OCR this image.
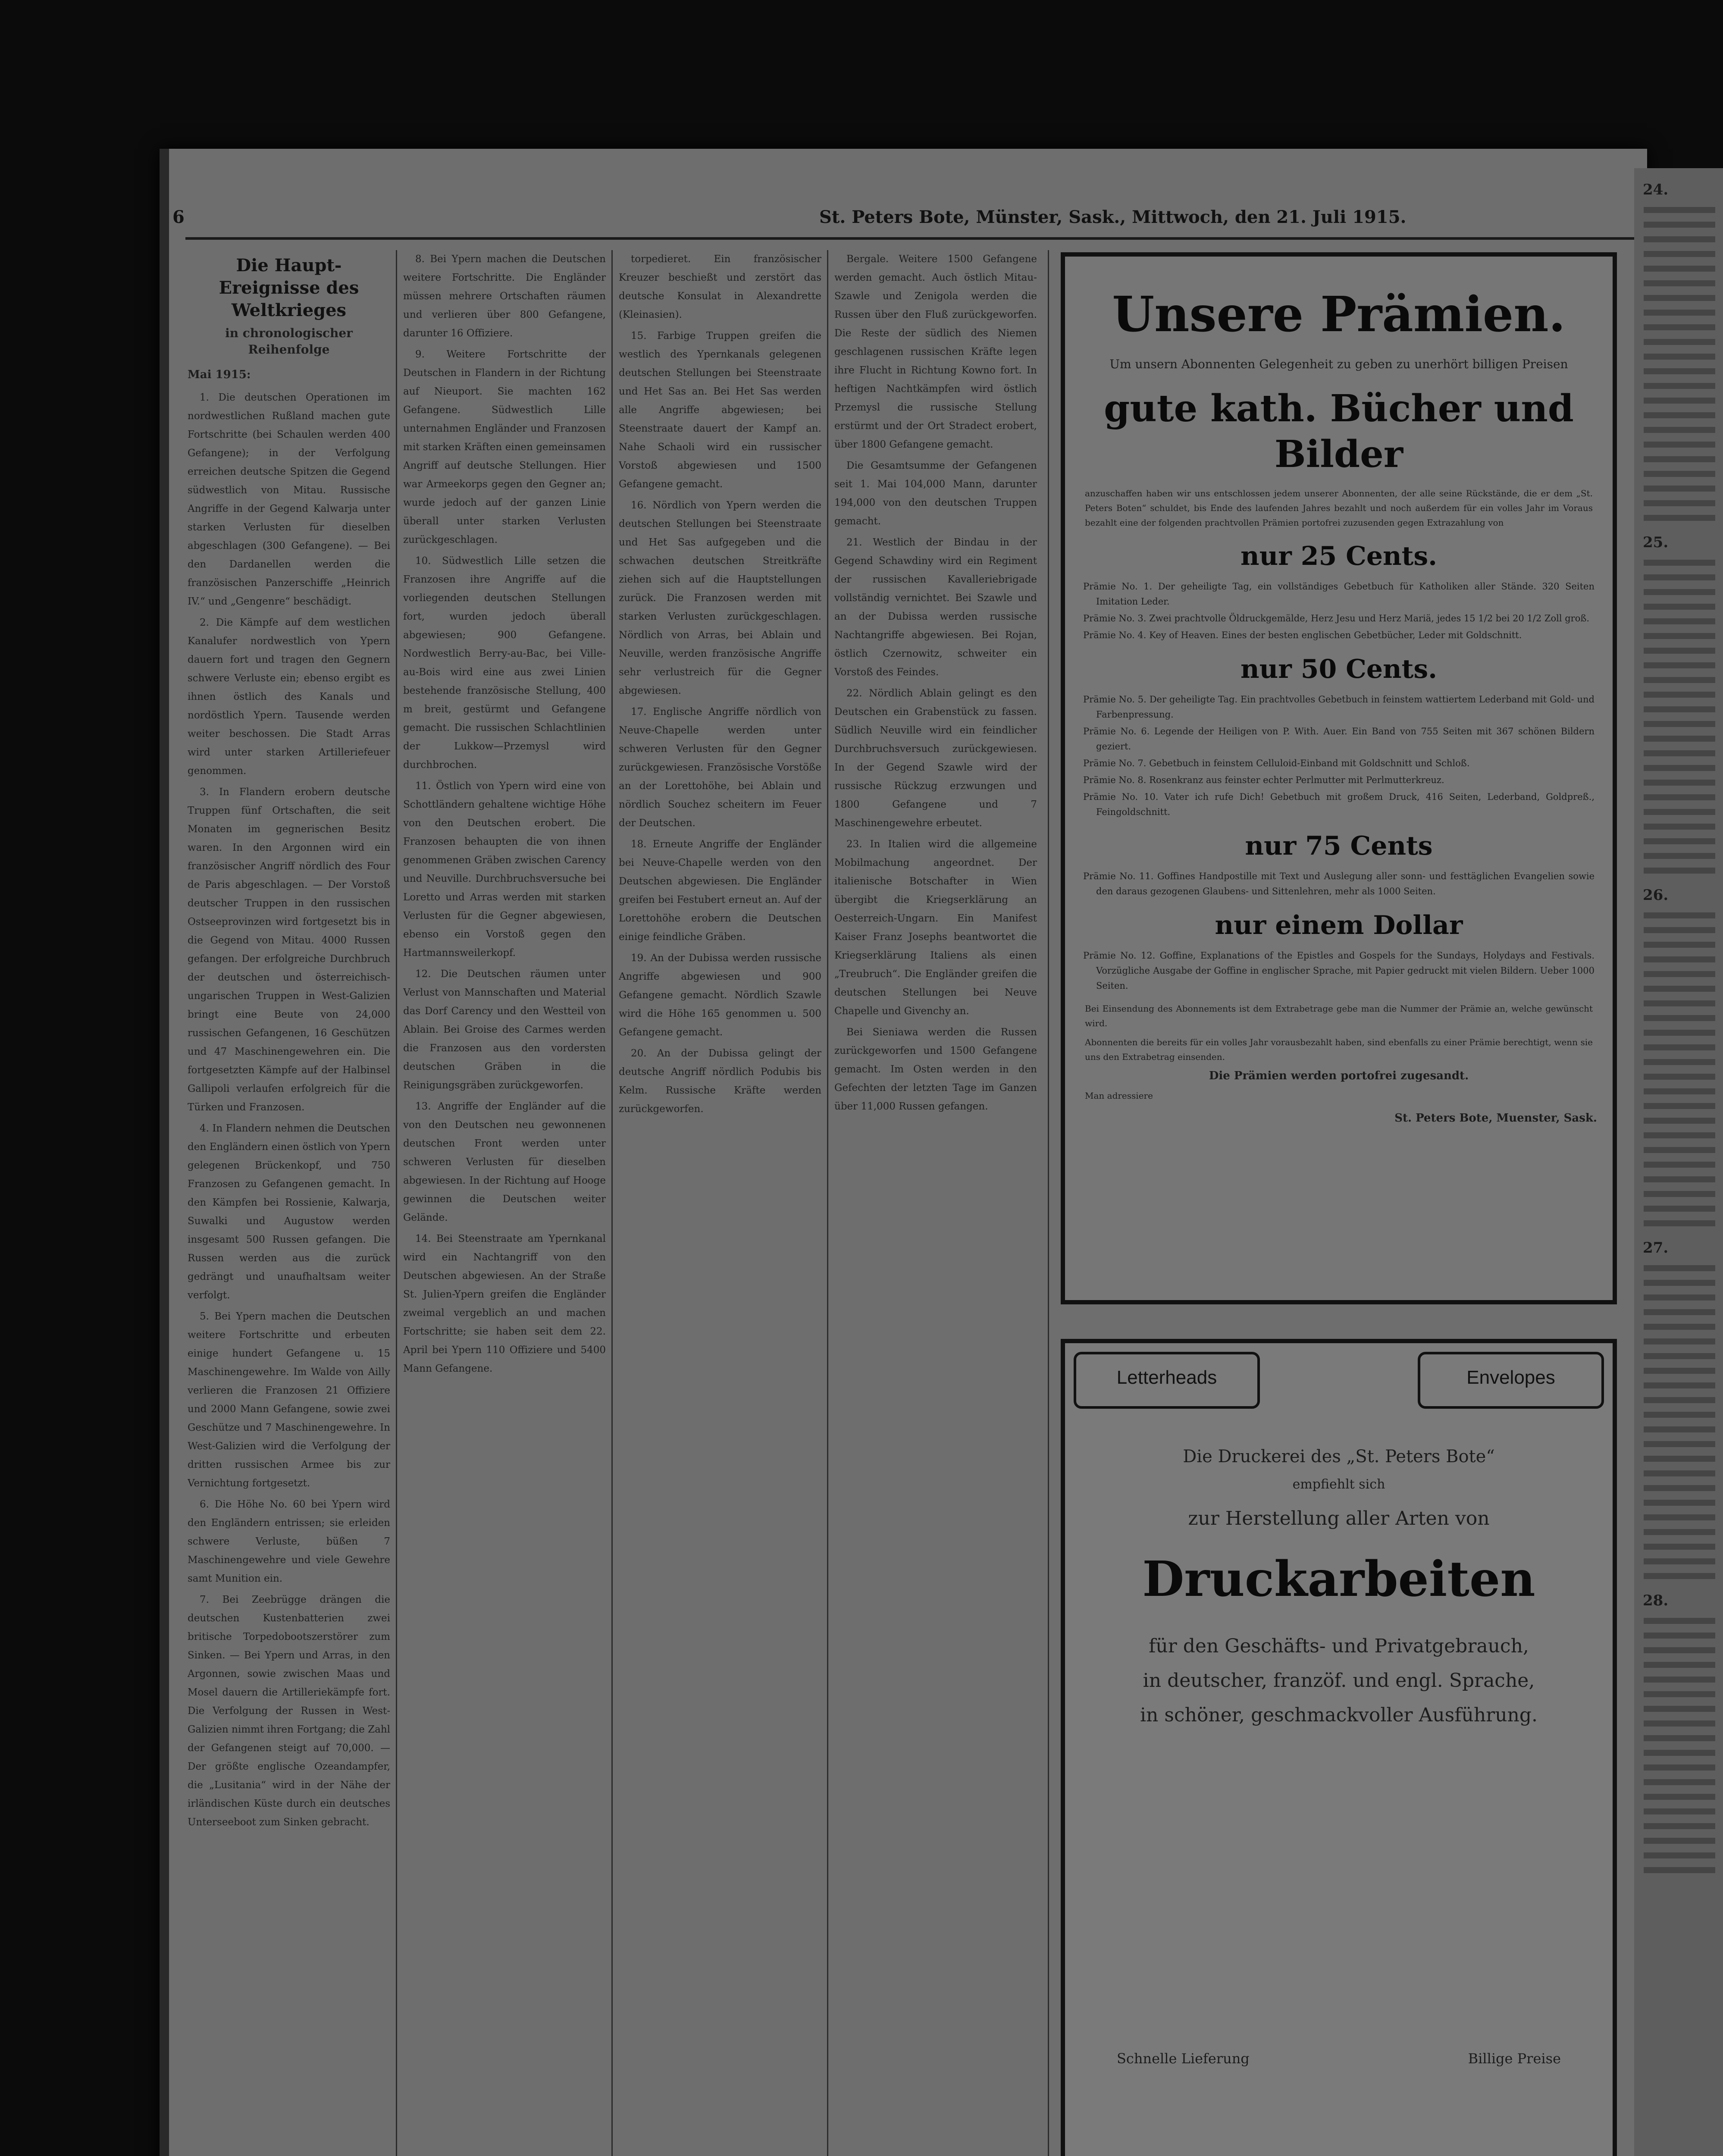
6	St. Peters Bote, Münster, Sask., Mittwoch, den 21. Juli 1915.
Die Haupt-Ereignisse des Weltkrieges
in chronologischer Reihenfolge

Mai 1915:

1. Die deutschen Operationen im nordwestlichen Rußland machen gute Fortschritte (bei Schaulen werden 400 Gefangene); in der Verfolgung erreichen deutsche Spitzen die Gegend südwestlich von Mitau. Russische Angriffe in der Gegend Kalwarja unter starken Verlusten für dieselben abgeschlagen (300 Gefangene). — Bei den Dardanellen werden die französischen Panzerschiffe „Heinrich IV.“ und „Gengenre“ beschädigt.

2. Die Kämpfe auf dem westlichen Kanalufer nordwestlich von Ypern dauern fort und tragen den Gegnern schwere Verluste ein; ebenso ergibt es ihnen östlich des Kanals und nordöstlich Ypern. Tausende werden weiter beschossen. Die Stadt Arras wird unter starken Artilleriefeuer genommen.

3. In Flandern erobern deutsche Truppen fünf Ortschaften, die seit Monaten im gegnerischen Besitz waren. In den Argonnen wird ein französischer Angriff nördlich des Four de Paris abgeschlagen. — Der Vorstoß deutscher Truppen in den russischen Ostseeprovinzen wird fortgesetzt bis in die Gegend von Mitau. 4000 Russen gefangen. Der erfolgreiche Durchbruch der deutschen und österreichisch-ungarischen Truppen in West-Galizien bringt eine Beute von 24,000 russischen Gefangenen, 16 Geschützen und 47 Maschinengewehren ein. Die fortgesetzten Kämpfe auf der Halbinsel Gallipoli verlaufen erfolgreich für die Türken und Franzosen.

4. In Flandern nehmen die Deutschen den Engländern einen östlich von Ypern gelegenen Brückenkopf, und 750 Franzosen zu Gefangenen gemacht. In den Kämpfen bei Rossienie, Kalwarja, Suwalki und Augustow werden insgesamt 500 Russen gefangen. Die Russen werden aus die zurück gedrängt und unaufhaltsam weiter verfolgt.

5. Bei Ypern machen die Deutschen weitere Fortschritte und erbeuten einige hundert Gefangene u. 15 Maschinengewehre. Im Walde von Ailly verlieren die Franzosen 21 Offiziere und 2000 Mann Gefangene, sowie zwei Geschütze und 7 Maschinengewehre. In West-Galizien wird die Verfolgung der dritten russischen Armee bis zur Vernichtung fortgesetzt.

6. Die Höhe No. 60 bei Ypern wird den Engländern entrissen; sie erleiden schwere Verluste, büßen 7 Maschinengewehre und viele Gewehre samt Munition ein.

7. Bei Zeebrügge drängen die deutschen Kustenbatterien zwei britische Torpedobootszerstörer zum Sinken. — Bei Ypern und Arras, in den Argonnen, sowie zwischen Maas und Mosel dauern die Artilleriekämpfe fort. Die Verfolgung der Russen in West-Galizien nimmt ihren Fortgang; die Zahl der Gefangenen steigt auf 70,000. — Der größte englische Ozeandampfer, die „Lusitania“ wird in der Nähe der irländischen Küste durch ein deutsches Unterseeboot zum Sinken gebracht.

8. Bei Ypern machen die Deutschen weitere Fortschritte. Die Engländer müssen mehrere Ortschaften räumen und verlieren über 800 Gefangene, darunter 16 Offiziere.

9. Weitere Fortschritte der Deutschen in Flandern in der Richtung auf Nieuport. Sie machten 162 Gefangene. Südwestlich Lille unternahmen Engländer und Franzosen mit starken Kräften einen gemeinsamen Angriff auf deutsche Stellungen. Hier war Armeekorps gegen den Gegner an; wurde jedoch auf der ganzen Linie überall unter starken Verlusten zurückgeschlagen.

10. Südwestlich Lille setzen die Franzosen ihre Angriffe auf die vorliegenden deutschen Stellungen fort, wurden jedoch überall abgewiesen; 900 Gefangene. Nordwestlich Berry-au-Bac, bei Ville-au-Bois wird eine aus zwei Linien bestehende französische Stellung, 400 m breit, gestürmt und Gefangene gemacht. Die russischen Schlachtlinien der Lukkow—Przemysl wird durchbrochen.

11. Östlich von Ypern wird eine von Schottländern gehaltene wichtige Höhe von den Deutschen erobert. Die Franzosen behaupten die von ihnen genommenen Gräben zwischen Carency und Neuville. Durchbruchsversuche bei Loretto und Arras werden mit starken Verlusten für die Gegner abgewiesen, ebenso ein Vorstoß gegen den Hartmannsweilerkopf.

12. Die Deutschen räumen unter Verlust von Mannschaften und Material das Dorf Carency und den Westteil von Ablain. Bei Groise des Carmes werden die Franzosen aus den vordersten deutschen Gräben in die Reinigungsgräben zurückgeworfen.

13. Angriffe der Engländer auf die von den Deutschen neu gewonnenen deutschen Front werden unter schweren Verlusten für dieselben abgewiesen. In der Richtung auf Hooge gewinnen die Deutschen weiter Gelände.

14. Bei Steenstraate am Ypernkanal wird ein Nachtangriff von den Deutschen abgewiesen. An der Straße St. Julien-Ypern greifen die Engländer zweimal vergeblich an und machen Fortschritte; sie haben seit dem 22. April bei Ypern 110 Offiziere und 5400 Mann Gefangene.

torpedieret. Ein französischer Kreuzer beschießt und zerstört das deutsche Konsulat in Alexandrette (Kleinasien).

15. Farbige Truppen greifen die westlich des Ypernkanals gelegenen deutschen Stellungen bei Steenstraate und Het Sas an. Bei Het Sas werden alle Angriffe abgewiesen; bei Steenstraate dauert der Kampf an. Nahe Schaoli wird ein russischer Vorstoß abgewiesen und 1500 Gefangene gemacht.

16. Nördlich von Ypern werden die deutschen Stellungen bei Steenstraate und Het Sas aufgegeben und die schwachen deutschen Streitkräfte ziehen sich auf die Hauptstellungen zurück. Die Franzosen werden mit starken Verlusten zurückgeschlagen. Nördlich von Arras, bei Ablain und Neuville, werden französische Angriffe sehr verlustreich für die Gegner abgewiesen.

17. Englische Angriffe nördlich von Neuve-Chapelle werden unter schweren Verlusten für den Gegner zurückgewiesen. Französische Vorstöße an der Lorettohöhe, bei Ablain und nördlich Souchez scheitern im Feuer der Deutschen.

18. Erneute Angriffe der Engländer bei Neuve-Chapelle werden von den Deutschen abgewiesen. Die Engländer greifen bei Festubert erneut an. Auf der Lorettohöhe erobern die Deutschen einige feindliche Gräben.

19. An der Dubissa werden russische Angriffe abgewiesen und 900 Gefangene gemacht. Nördlich Szawle wird die Höhe 165 genommen u. 500 Gefangene gemacht.

20. An der Dubissa gelingt der deutsche Angriff nördlich Podubis bis Kelm. Russische Kräfte werden zurückgeworfen.

Bergale. Weitere 1500 Gefangene werden gemacht. Auch östlich Mitau-Szawle und Zenigola werden die Russen über den Fluß zurückgeworfen. Die Reste der südlich des Niemen geschlagenen russischen Kräfte legen ihre Flucht in Richtung Kowno fort. In heftigen Nachtkämpfen wird östlich Przemysl die russische Stellung erstürmt und der Ort Stradect erobert, über 1800 Gefangene gemacht.

Die Gesamtsumme der Gefangenen seit 1. Mai 104,000 Mann, darunter 194,000 von den deutschen Truppen gemacht.

21. Westlich der Bindau in der Gegend Schawdiny wird ein Regiment der russischen Kavalleriebrigade vollständig vernichtet. Bei Szawle und an der Dubissa werden russische Nachtangriffe abgewiesen. Bei Rojan, östlich Czernowitz, schweiter ein Vorstoß des Feindes.

22. Nördlich Ablain gelingt es den Deutschen ein Grabenstück zu fassen. Südlich Neuville wird ein feindlicher Durchbruchsversuch zurückgewiesen. In der Gegend Szawle wird der russische Rückzug erzwungen und 1800 Gefangene und 7 Maschinengewehre erbeutet.

23. In Italien wird die allgemeine Mobilmachung angeordnet. Der italienische Botschafter in Wien übergibt die Kriegserklärung an Oesterreich-Ungarn. Ein Manifest Kaiser Franz Josephs beantwortet die Kriegserklärung Italiens als einen „Treubruch“. Die Engländer greifen die deutschen Stellungen bei Neuve Chapelle und Givenchy an.

Bei Sieniawa werden die Russen zurückgeworfen und 1500 Gefangene gemacht. Im Osten werden in den Gefechten der letzten Tage im Ganzen über 11,000 Russen gefangen.

Unsere Prämien.
Um unsern Abonnenten Gelegenheit zu geben zu unerhört billigen Preisen
gute kath. Bücher und Bilder
anzuschaffen haben wir uns entschlossen jedem unserer Abonnenten, der alle seine Rückstände, die er dem „St. Peters Boten“ schuldet, bis Ende des laufenden Jahres bezahlt und noch außerdem für ein volles Jahr im Voraus bezahlt eine der folgenden prachtvollen Prämien portofrei zuzusenden gegen Extrazahlung von
nur 25 Cents.
Prämie No. 1. Der geheiligte Tag, ein vollständiges Gebetbuch für Katholiken aller Stände. 320 Seiten Imitation Leder.
Prämie No. 3. Zwei prachtvolle Öldruckgemälde, Herz Jesu und Herz Mariä, jedes 15 1/2 bei 20 1/2 Zoll groß.
Prämie No. 4. Key of Heaven. Eines der besten englischen Gebetbücher, Leder mit Goldschnitt.
nur 50 Cents.
Prämie No. 5. Der geheiligte Tag. Ein prachtvolles Gebetbuch in feinstem wattiertem Lederband mit Gold- und Farbenpressung.
Prämie No. 6. Legende der Heiligen von P. With. Auer. Ein Band von 755 Seiten mit 367 schönen Bildern geziert.
Prämie No. 7. Gebetbuch in feinstem Celluloid-Einband mit Goldschnitt und Schloß.
Prämie No. 8. Rosenkranz aus feinster echter Perlmutter mit Perlmutterkreuz.
Prämie No. 10. Vater ich rufe Dich! Gebetbuch mit großem Druck, 416 Seiten, Lederband, Goldpreß., Feingoldschnitt.
nur 75 Cents
Prämie No. 11. Goffines Handpostille mit Text und Auslegung aller sonn- und festtäglichen Evangelien sowie den daraus gezogenen Glaubens- und Sittenlehren, mehr als 1000 Seiten.
nur einem Dollar
Prämie No. 12. Goffine, Explanations of the Epistles and Gospels for the Sundays, Holydays and Festivals. Vorzügliche Ausgabe der Goffine in englischer Sprache, mit Papier gedruckt mit vielen Bildern. Ueber 1000 Seiten.
Bei Einsendung des Abonnements ist dem Extrabetrage gebe man die Nummer der Prämie an, welche gewünscht wird.
Abonnenten die bereits für ein volles Jahr vorausbezahlt haben, sind ebenfalls zu einer Prämie berechtigt, wenn sie uns den Extrabetrag einsenden.
Die Prämien werden portofrei zugesandt.
Man adressiere
St. Peters Bote, Muenster, Sask.
Letterheads	Envelopes
Die Druckerei des „St. Peters Bote“
empfiehlt sich
zur Herstellung aller Arten von
Druckarbeiten
für den Geschäfts- und Privatgebrauch,
in deutscher, franzöf. und engl. Sprache,
in schöner, geschmackvoller Ausführung.
Schnelle Lieferung	Billige Preise
24.
25.
26.
27.
28.
